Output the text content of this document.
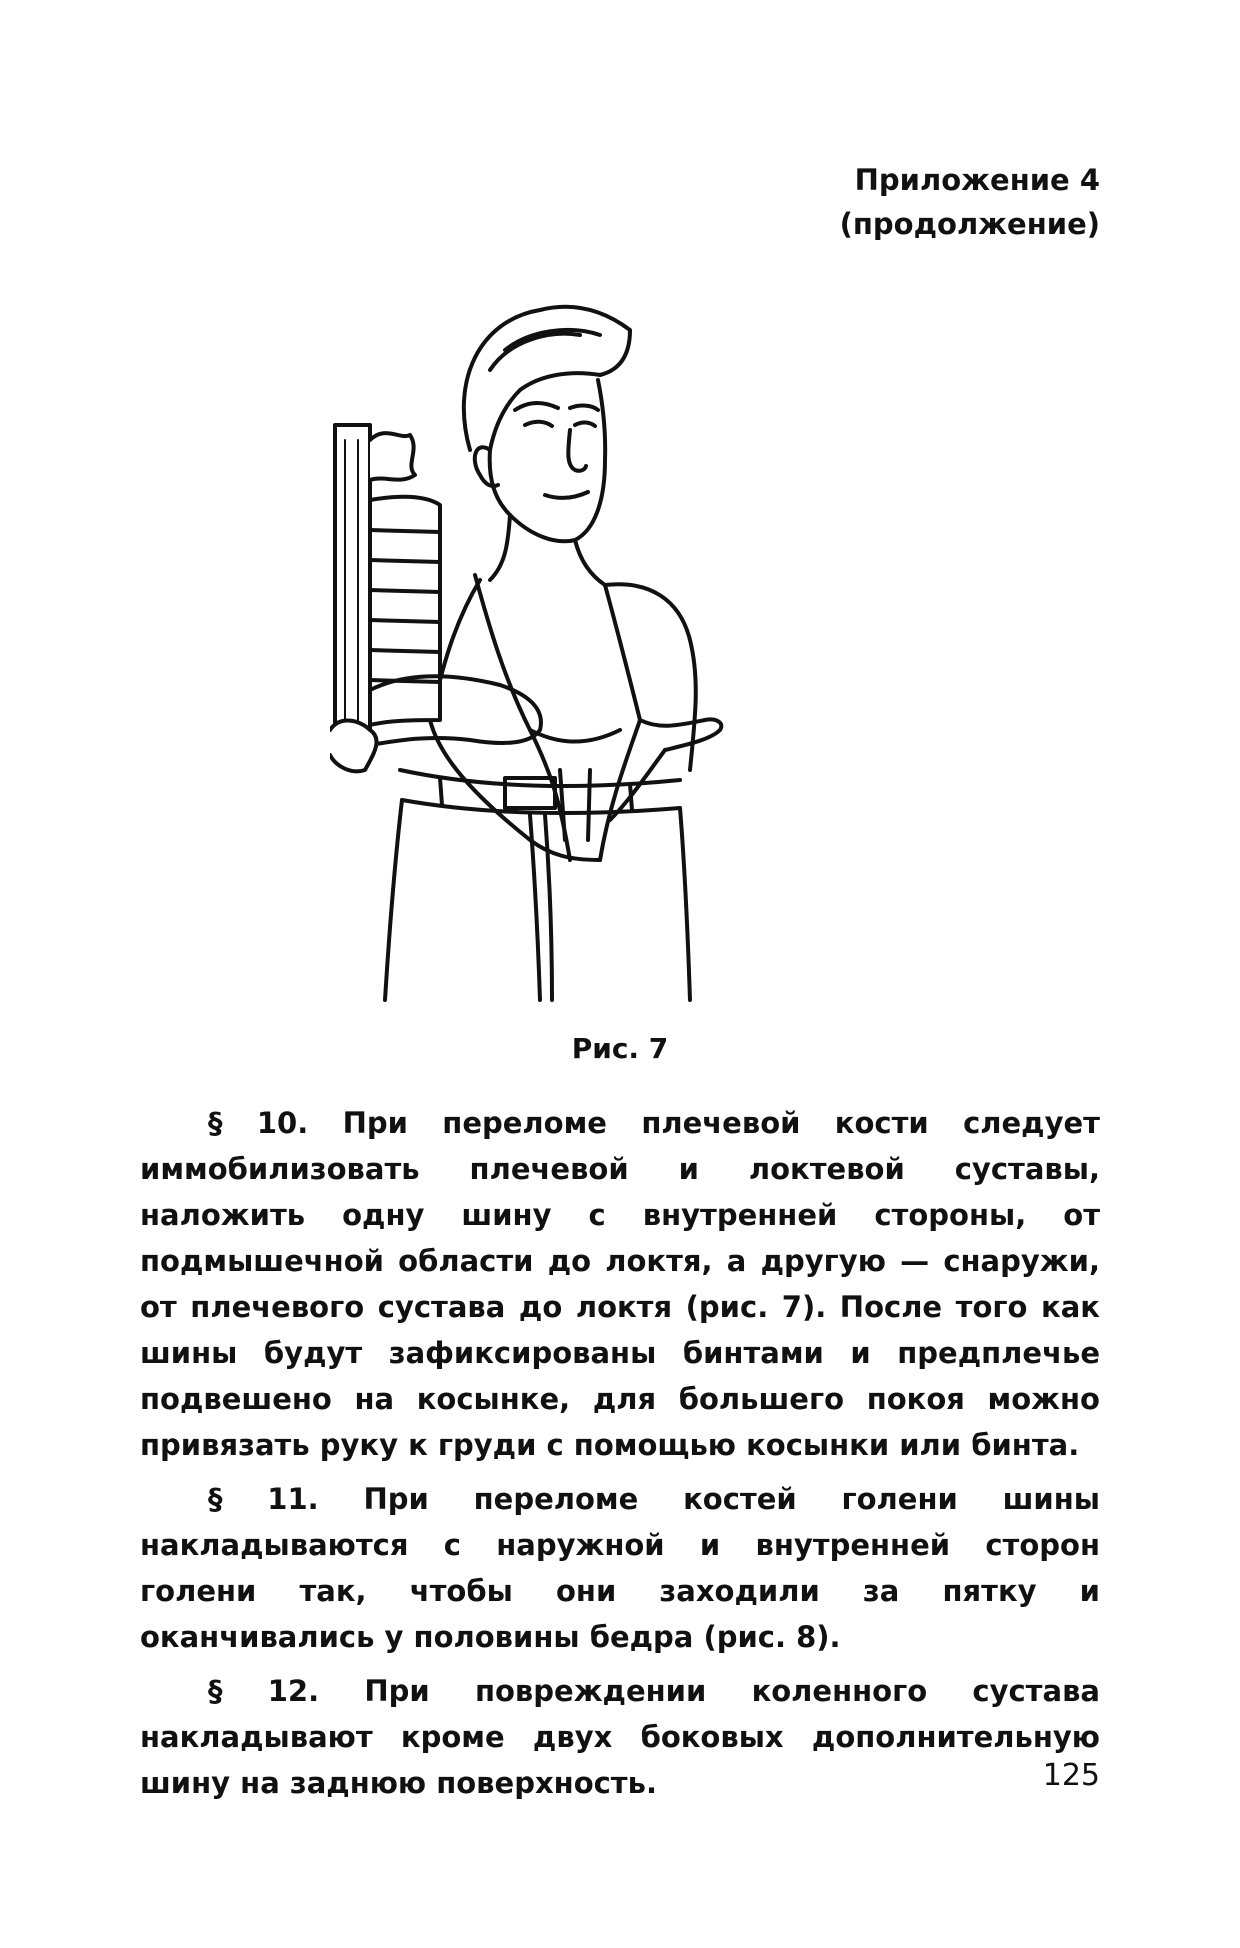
Приложение 4
(продолжение)
Рис. 7

§ 10. При переломе плечевой кости следует иммобилизовать плечевой и локтевой суставы, наложить одну шину с внутренней стороны, от подмышечной области до локтя, а другую — снаружи, от плечевого сустава до локтя (рис. 7). После того как шины будут зафиксированы бинтами и предплечье подвешено на косынке, для большего покоя можно привязать руку к груди с помощью косынки или бинта.

§ 11. При переломе костей голени шины накладываются с наружной и внутренней сторон голени так, чтобы они заходили за пятку и оканчивались у половины бедра (рис. 8).

§ 12. При повреждении коленного сустава накладывают кроме двух боковых дополнительную шину на заднюю поверхность.	125
